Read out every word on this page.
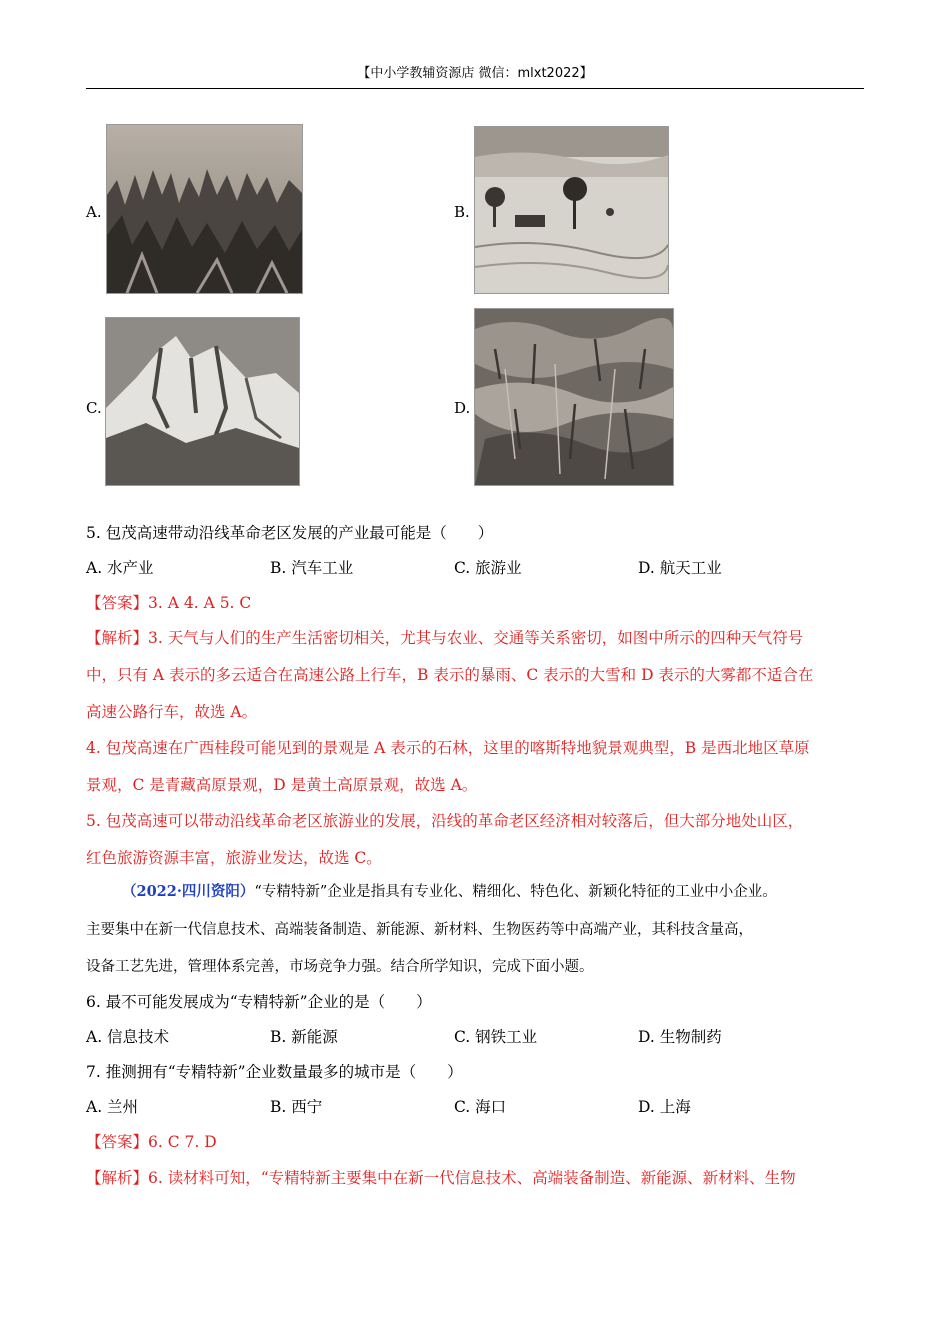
【中小学教辅资源店 微信：mlxt2022】
A.	B.
C.	D.
5. 包茂高速带动沿线革命老区发展的产业最可能是（　　）
A. 水产业	B. 汽车工业	C. 旅游业	D. 航天工业
【答案】3. A 4. A 5. C
【解析】3. 天气与人们的生产生活密切相关，尤其与农业、交通等关系密切，如图中所示的四种天气符号
中，只有 A 表示的多云适合在高速公路上行车，B 表示的暴雨、C 表示的大雪和 D 表示的大雾都不适合在
高速公路行车，故选 A。
4. 包茂高速在广西桂段可能见到的景观是 A 表示的石林，这里的喀斯特地貌景观典型，B 是西北地区草原
景观，C 是青藏高原景观，D 是黄土高原景观，故选 A。
5. 包茂高速可以带动沿线革命老区旅游业的发展，沿线的革命老区经济相对较落后，但大部分地处山区，
红色旅游资源丰富，旅游业发达，故选 C。
（2022·四川资阳）“专精特新”企业是指具有专业化、精细化、特色化、新颖化特征的工业中小企业。
主要集中在新一代信息技术、高端装备制造、新能源、新材料、生物医药等中高端产业，其科技含量高，
设备工艺先进，管理体系完善，市场竞争力强。结合所学知识，完成下面小题。
6. 最不可能发展成为“专精特新”企业的是（　　）
A. 信息技术	B. 新能源	C. 钢铁工业	D. 生物制药
7. 推测拥有“专精特新”企业数量最多的城市是（　　）
A. 兰州	B. 西宁	C. 海口	D. 上海
【答案】6. C 7. D
【解析】6. 读材料可知，“专精特新主要集中在新一代信息技术、高端装备制造、新能源、新材料、生物
